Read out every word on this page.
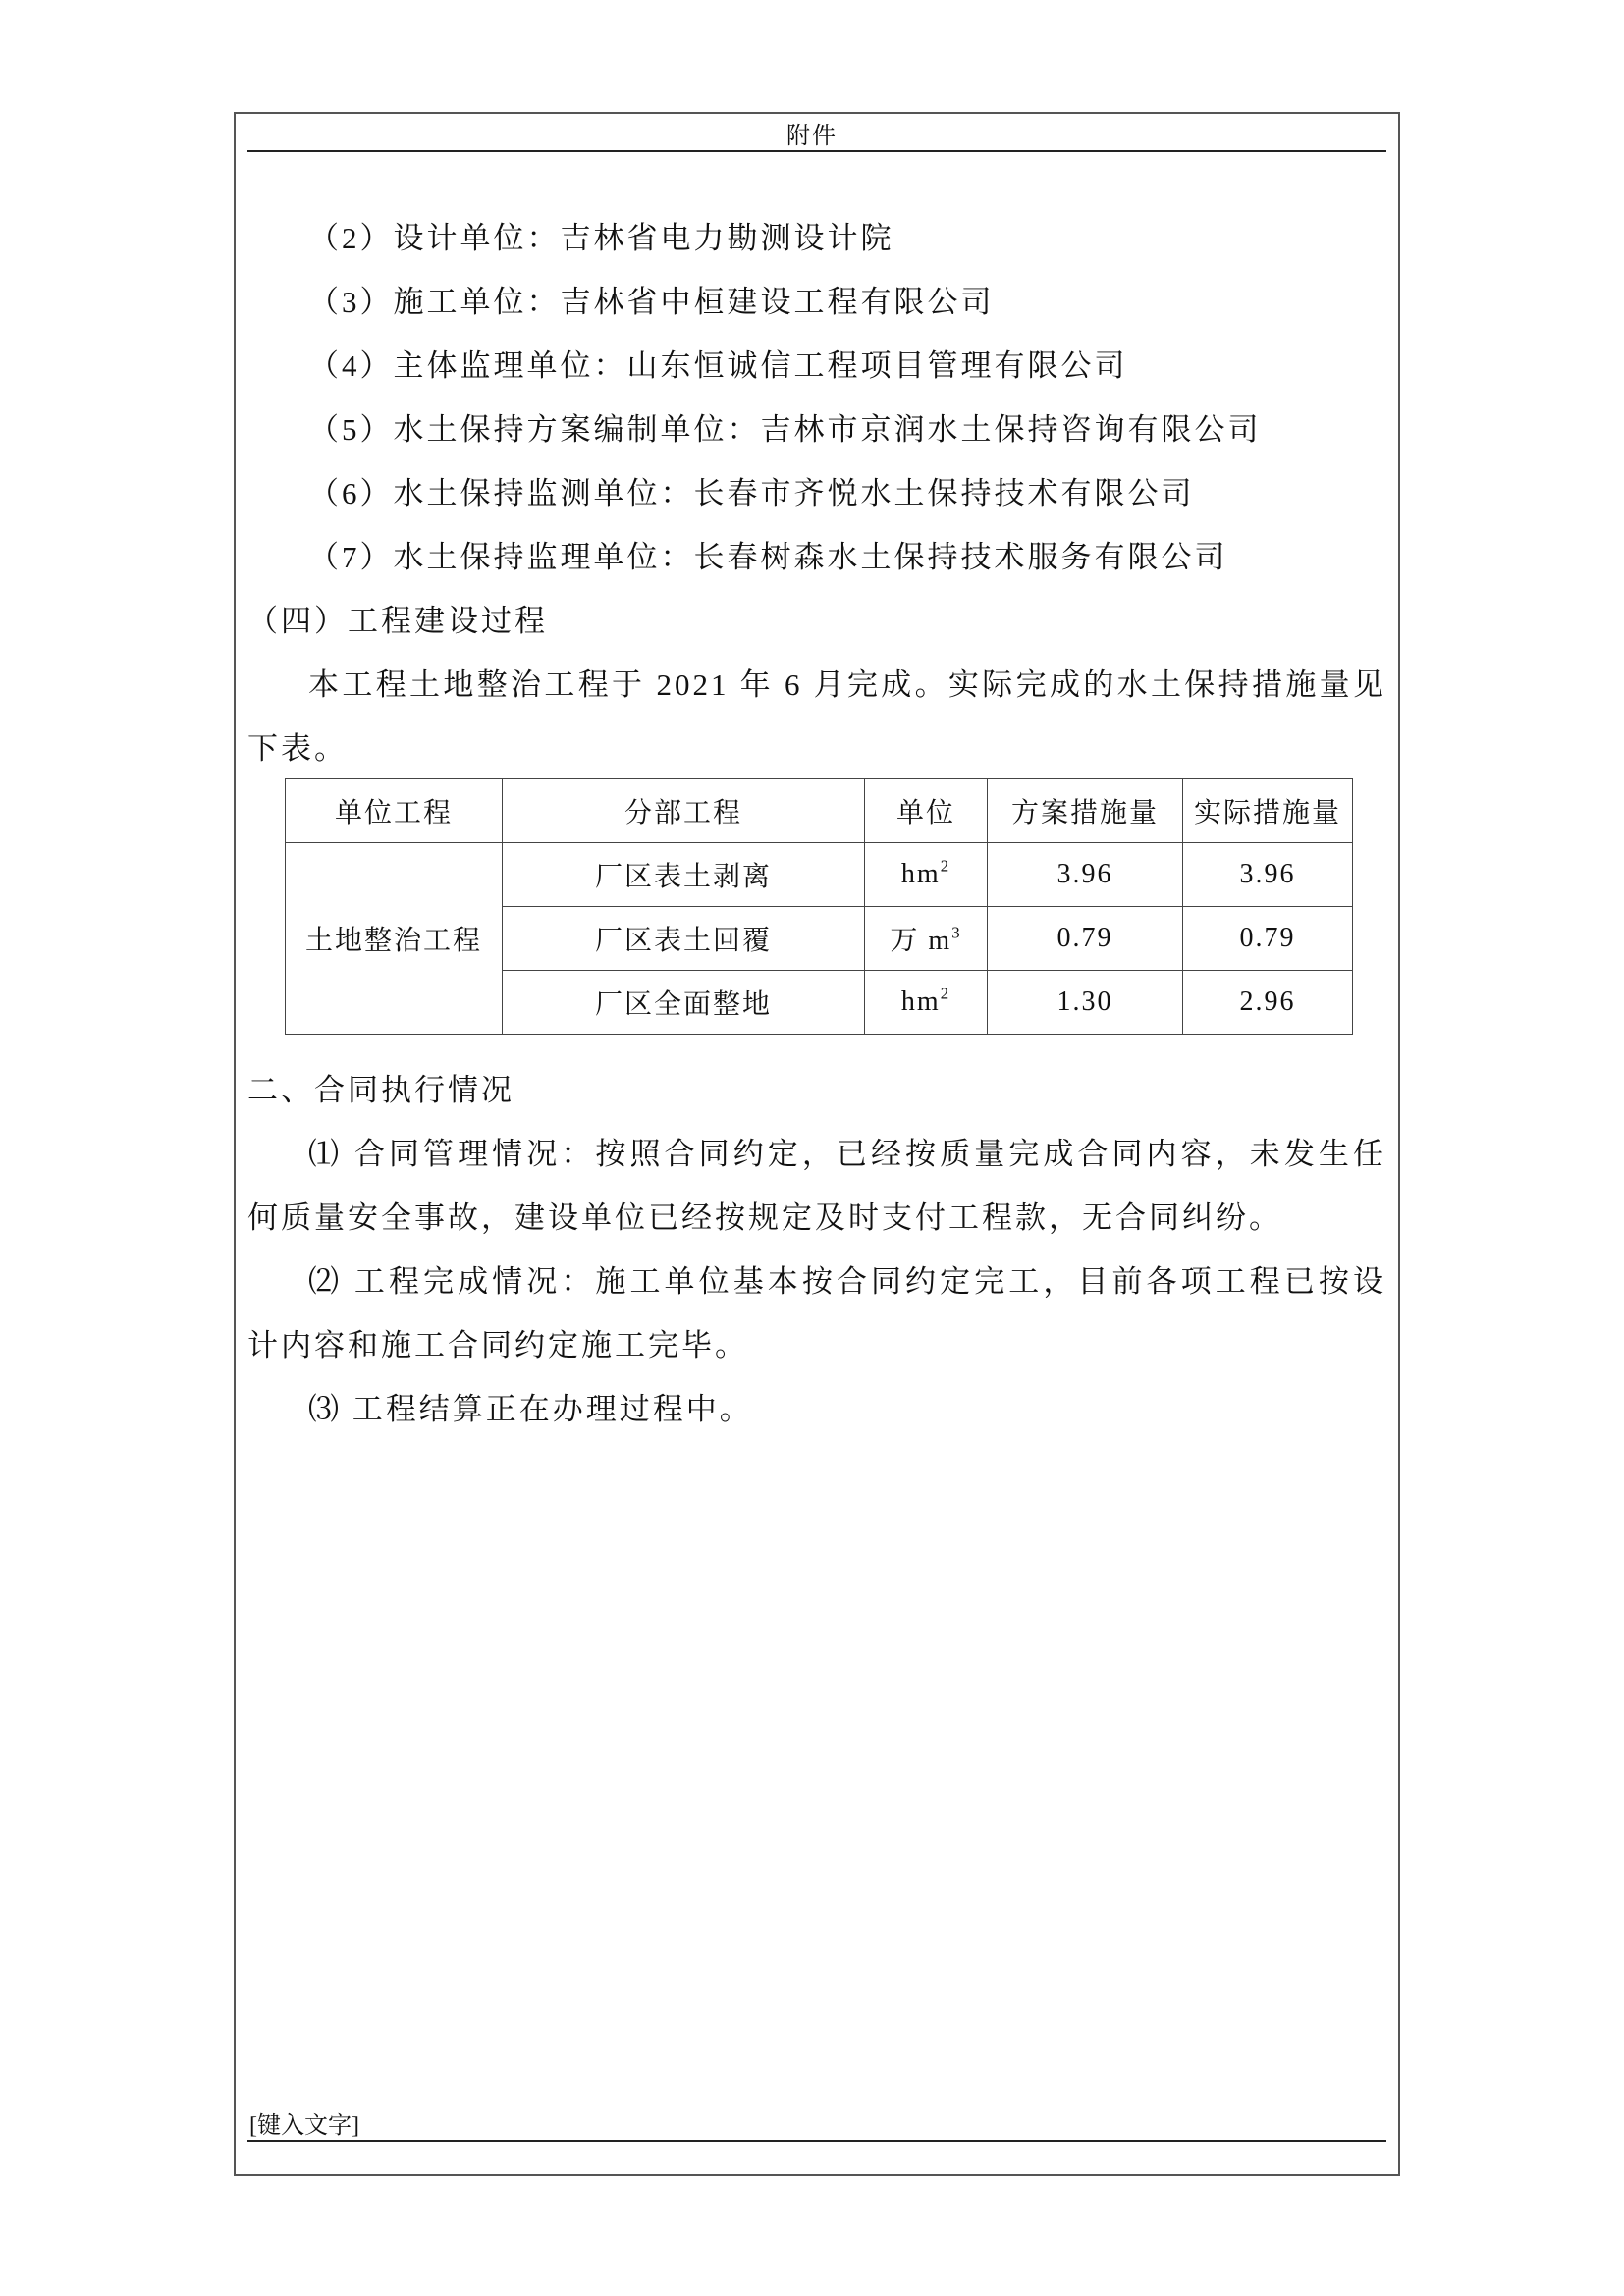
附件
（2）设计单位：吉林省电力勘测设计院
（3）施工单位：吉林省中桓建设工程有限公司
（4）主体监理单位：山东恒诚信工程项目管理有限公司
（5）水土保持方案编制单位：吉林市京润水土保持咨询有限公司
（6）水土保持监测单位：长春市齐悦水土保持技术有限公司
（7）水土保持监理单位：长春树森水土保持技术服务有限公司
（四）工程建设过程

本工程土地整治工程于 2021 年 6 月完成。实际完成的水土保持措施量见下表。

单位工程	分部工程	单位	方案措施量	实际措施量
土地整治工程	厂区表土剥离	$hm^2$	3.96	3.96
	厂区表土回覆	万 $m^3$	0.79	0.79
	厂区全面整地	$hm^2$	1.30	2.96
二、合同执行情况

⑴ 合同管理情况：按照合同约定，已经按质量完成合同内容，未发生任何质量安全事故，建设单位已经按规定及时支付工程款，无合同纠纷。

⑵ 工程完成情况：施工单位基本按合同约定完工，目前各项工程已按设计内容和施工合同约定施工完毕。

⑶ 工程结算正在办理过程中。

[键入文字]
